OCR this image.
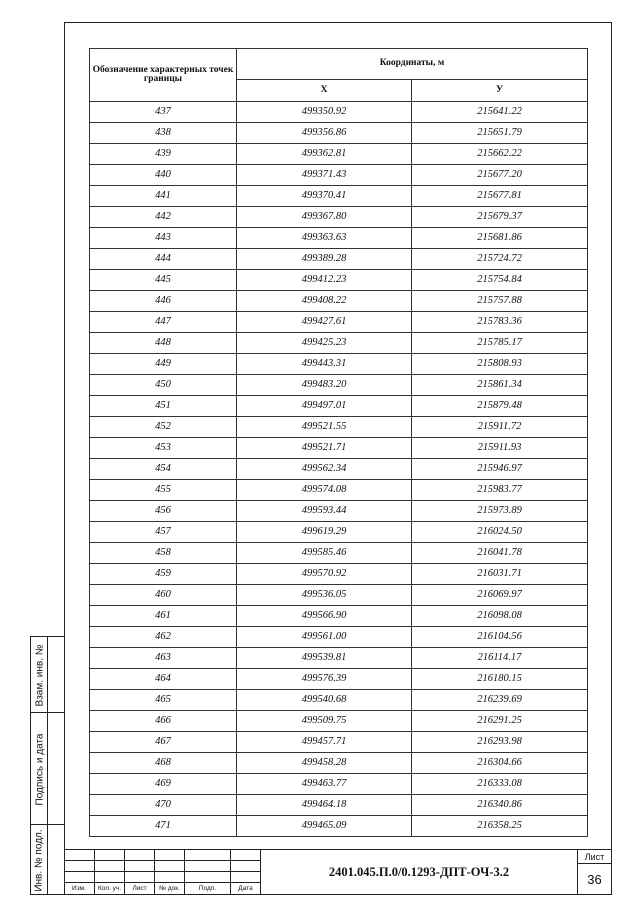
Обозначение характерных точек границы	Координаты, м	
	X	У
437	499350.92	215641.22
438	499356.86	215651.79
439	499362.81	215662.22
440	499371.43	215677.20
441	499370.41	215677.81
442	499367.80	215679.37
443	499363.63	215681.86
444	499389.28	215724.72
445	499412.23	215754.84
446	499408.22	215757.88
447	499427.61	215783.36
448	499425.23	215785.17
449	499443.31	215808.93
450	499483.20	215861.34
451	499497.01	215879.48
452	499521.55	215911.72
453	499521.71	215911.93
454	499562.34	215946.97
455	499574.08	215983.77
456	499593.44	215973.89
457	499619.29	216024.50
458	499585.46	216041.78
459	499570.92	216031.71
460	499536.05	216069.97
461	499566.90	216098.08
462	499561.00	216104.56
463	499539.81	216114.17
464	499576.39	216180.15
465	499540.68	216239.69
466	499509.75	216291.25
467	499457.71	216293.98
468	499458.28	216304.66
469	499463.77	216333.08
470	499464.18	216340.86
471	499465.09	216358.25
Взам. инв. №
Подпись и дата
Инв. № подл.	Изм.	Кол. уч.	Лист	№ док.	Подп.	Дата
2401.045.П.0/0.1293-ДПТ-ОЧ-3.2
Лист
36
